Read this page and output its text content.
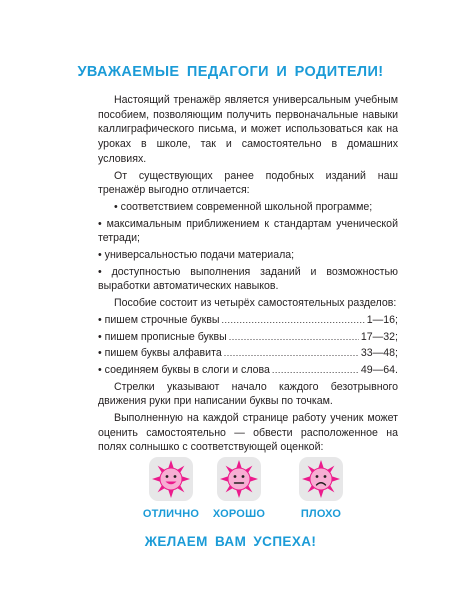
УВАЖАЕМЫЕ ПЕДАГОГИ И РОДИТЕЛИ!

Настоящий тренажёр является универсальным учебным пособием, позволяющим получить первоначальные навыки каллиграфического письма, и может использоваться как на уроках в школе, так и самостоятельно в домашних условиях.

От существующих ранее подобных изданий наш тренажёр выгодно отличается:

• соответствием современной школьной программе;

• максимальным приближением к стандартам ученической тетради;

• универсальностью подачи материала;

• доступностью выполнения заданий и возможностью выработки автоматических навыков.

Пособие состоит из четырёх самостоятельных разделов:

• пишем строчные буквы .....	1—16;
• пишем прописные буквы .....	17—32;
• пишем буквы алфавита .....	33—48;
• соединяем буквы в слоги и слова .....	49—64.

Стрелки указывают начало каждого безотрывного движения руки при написании буквы по точкам.

Выполненную на каждой странице работу ученик может оценить самостоятельно — обвести расположенное на полях солнышко с соответствующей оценкой:

ОТЛИЧНО	ХОРОШО	ПЛОХО
ЖЕЛАЕМ ВАМ УСПЕХА!
